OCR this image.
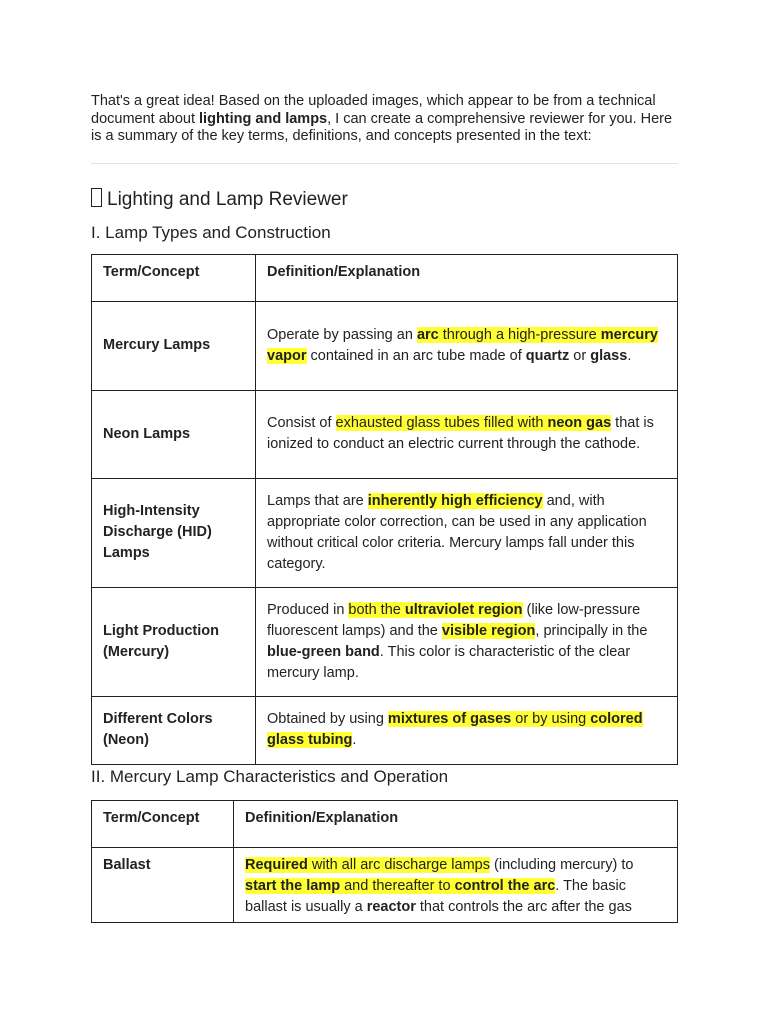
That's a great idea! Based on the uploaded images, which appear to be from a technical document about lighting and lamps, I can create a comprehensive reviewer for you. Here is a summary of the key terms, definitions, and concepts presented in the text:

Lighting and Lamp Reviewer
I. Lamp Types and Construction
Term/Concept	Definition/Explanation
Mercury Lamps	Operate by passing an arc through a high-pressure mercury vapor contained in an arc tube made of quartz or glass.
Neon Lamps	Consist of exhausted glass tubes filled with neon gas that is ionized to conduct an electric current through the cathode.
High-Intensity Discharge (HID) Lamps	Lamps that are inherently high efficiency and, with appropriate color correction, can be used in any application without critical color criteria. Mercury lamps fall under this category.
Light Production (Mercury)	Produced in both the ultraviolet region (like low-pressure fluorescent lamps) and the visible region, principally in the blue-green band. This color is characteristic of the clear mercury lamp.
Different Colors (Neon)	Obtained by using mixtures of gases or by using colored glass tubing.
II. Mercury Lamp Characteristics and Operation
Term/Concept	Definition/Explanation
Ballast	Required with all arc discharge lamps (including mercury) to start the lamp and thereafter to control the arc. The basic ballast is usually a reactor that controls the arc after the gas
